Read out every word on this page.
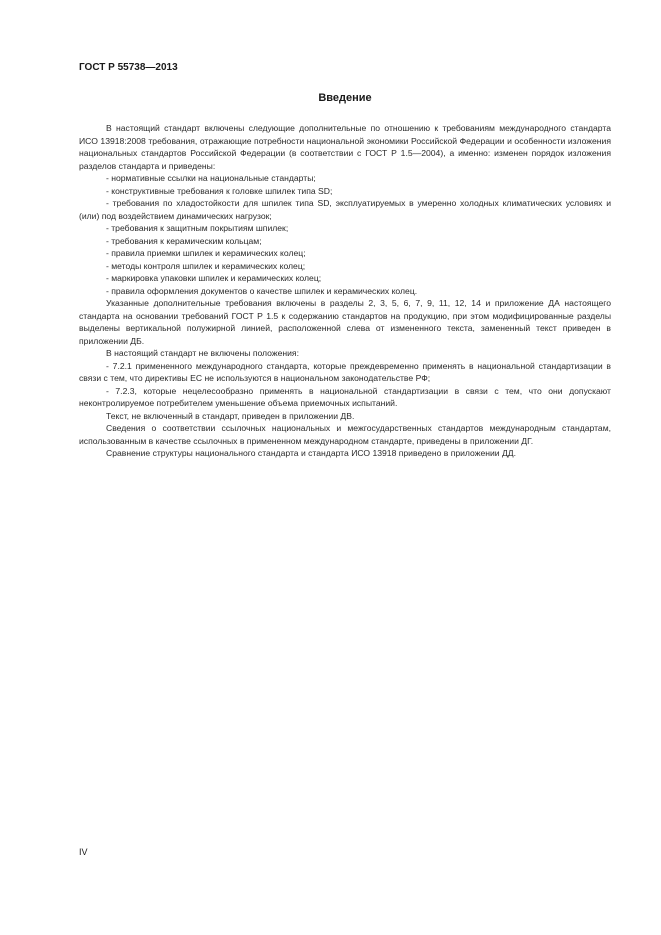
ГОСТ Р 55738—2013
Введение

В настоящий стандарт включены следующие дополнительные по отношению к требованиям международного стандарта ИСО 13918:2008 требования, отражающие потребности национальной экономики Российской Федерации и особенности изложения национальных стандартов Российской Федерации (в соответствии с ГОСТ Р 1.5—2004), а именно: изменен порядок изложения разделов стандарта и приведены:

- нормативные ссылки на национальные стандарты;

- конструктивные требования к головке шпилек типа SD;

- требования по хладостойкости для шпилек типа SD, эксплуатируемых в умеренно холодных климатических условиях и (или) под воздействием динамических нагрузок;

- требования к защитным покрытиям шпилек;

- требования к керамическим кольцам;

- правила приемки шпилек и керамических колец;

- методы контроля шпилек и керамических колец;

- маркировка упаковки шпилек и керамических колец;

- правила оформления документов о качестве шпилек и керамических колец.

Указанные дополнительные требования включены в разделы 2, 3, 5, 6, 7, 9, 11, 12, 14 и приложение ДА настоящего стандарта на основании требований ГОСТ Р 1.5 к содержанию стандартов на продукцию, при этом модифицированные разделы выделены вертикальной полужирной линией, расположенной слева от измененного текста, замененный текст приведен в приложении ДБ.

В настоящий стандарт не включены положения:

- 7.2.1 примененного международного стандарта, которые преждевременно применять в национальной стандартизации в связи с тем, что директивы ЕС не используются в национальном законодательстве РФ;

- 7.2.3, которые нецелесообразно применять в национальной стандартизации в связи с тем, что они допускают неконтролируемое потребителем уменьшение объема приемочных испытаний.

Текст, не включенный в стандарт, приведен в приложении ДВ.

Сведения о соответствии ссылочных национальных и межгосударственных стандартов международным стандартам, использованным в качестве ссылочных в примененном международном стандарте, приведены в приложении ДГ.

Сравнение структуры национального стандарта и стандарта ИСО 13918 приведено в приложении ДД.

IV
